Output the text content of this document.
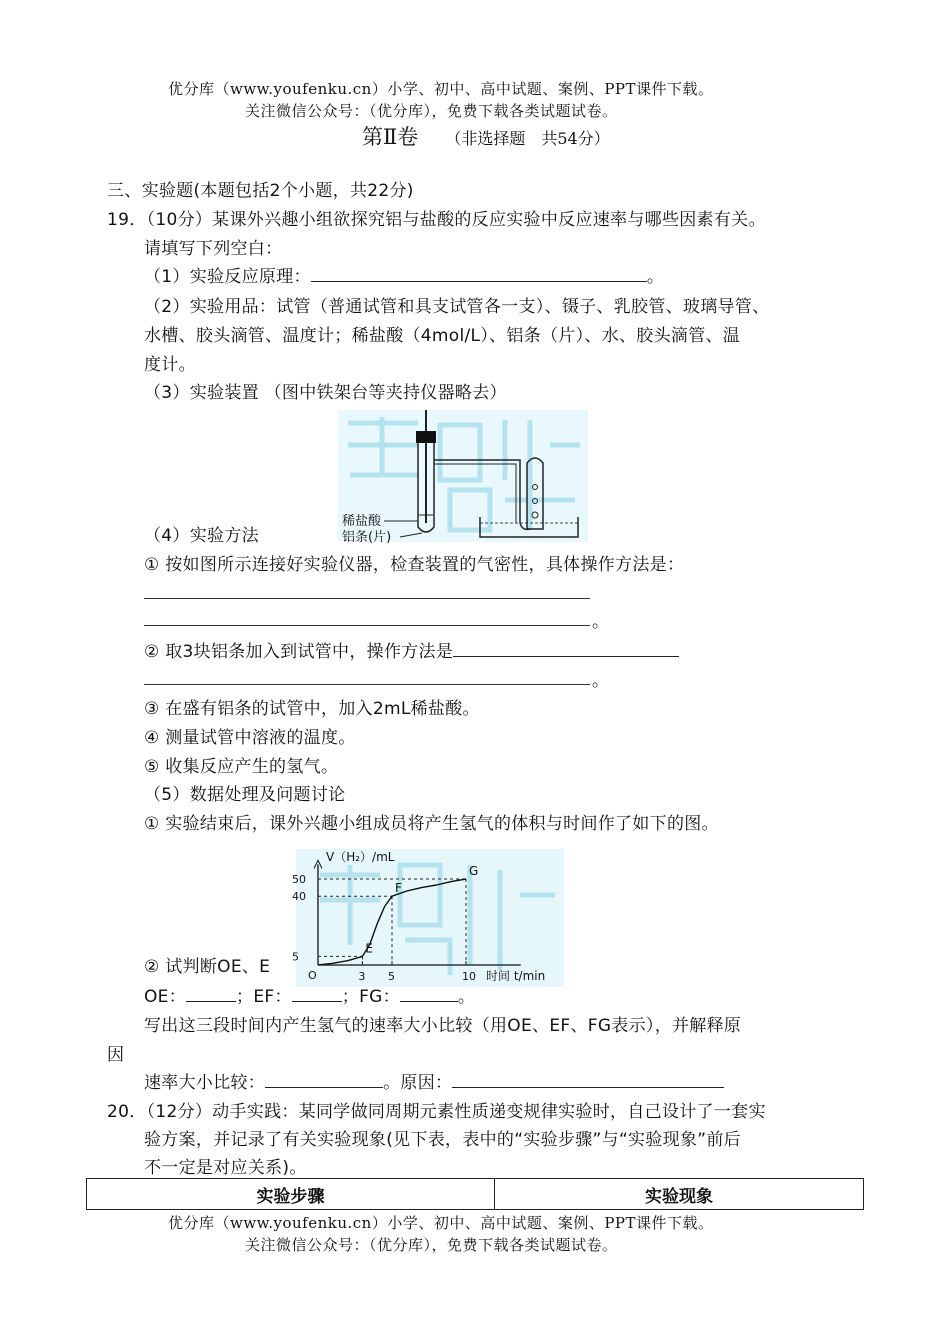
优分库（www.youfenku.cn）小学、初中、高中试题、案例、PPT课件下载。
关注微信公众号：（优分库），免费下载各类试题试卷。
第Ⅱ卷 （非选择题　共54分）
三、实验题(本题包括2个小题，共22分)
19．（10分）某课外兴趣小组欲探究铝与盐酸的反应实验中反应速率与哪些因素有关。
请填写下列空白：
（1）实验反应原理：	。
（2）实验用品：试管（普通试管和具支试管各一支）、镊子、乳胶管、玻璃导管、
水槽、胶头滴管、温度计；稀盐酸（4mol/L）、铝条（片）、水、胶头滴管、温
度计。
（3）实验装置 （图中铁架台等夹持仪器略去）
稀盐酸
铝条(片)
（4）实验方法
① 按如图所示连接好实验仪器，检查装置的气密性，具体操作方法是：
。
② 取3块铝条加入到试管中，操作方法是
。
③ 在盛有铝条的试管中，加入2mL稀盐酸。
④ 测量试管中溶液的温度。
⑤ 收集反应产生的氢气。
（5）数据处理及问题讨论
① 实验结束后，课外兴趣小组成员将产生氢气的体积与时间作了如下的图。
V（H₂）/mL
时间 t/min
O	3 5	10
5
40
50
E
F
G
② 试判断OE、E
OE：	；EF：	；FG：	。
写出这三段时间内产生氢气的速率大小比较（用OE、EF、FG表示），并解释原
因
速率大小比较：	。原因：
20．（12分）动手实践：某同学做同周期元素性质递变规律实验时，自己设计了一套实
验方案，并记录了有关实验现象(见下表，表中的“实验步骤”与“实验现象”前后
不一定是对应关系)。
实验步骤	实验现象
优分库（www.youfenku.cn）小学、初中、高中试题、案例、PPT课件下载。
关注微信公众号：（优分库），免费下载各类试题试卷。
